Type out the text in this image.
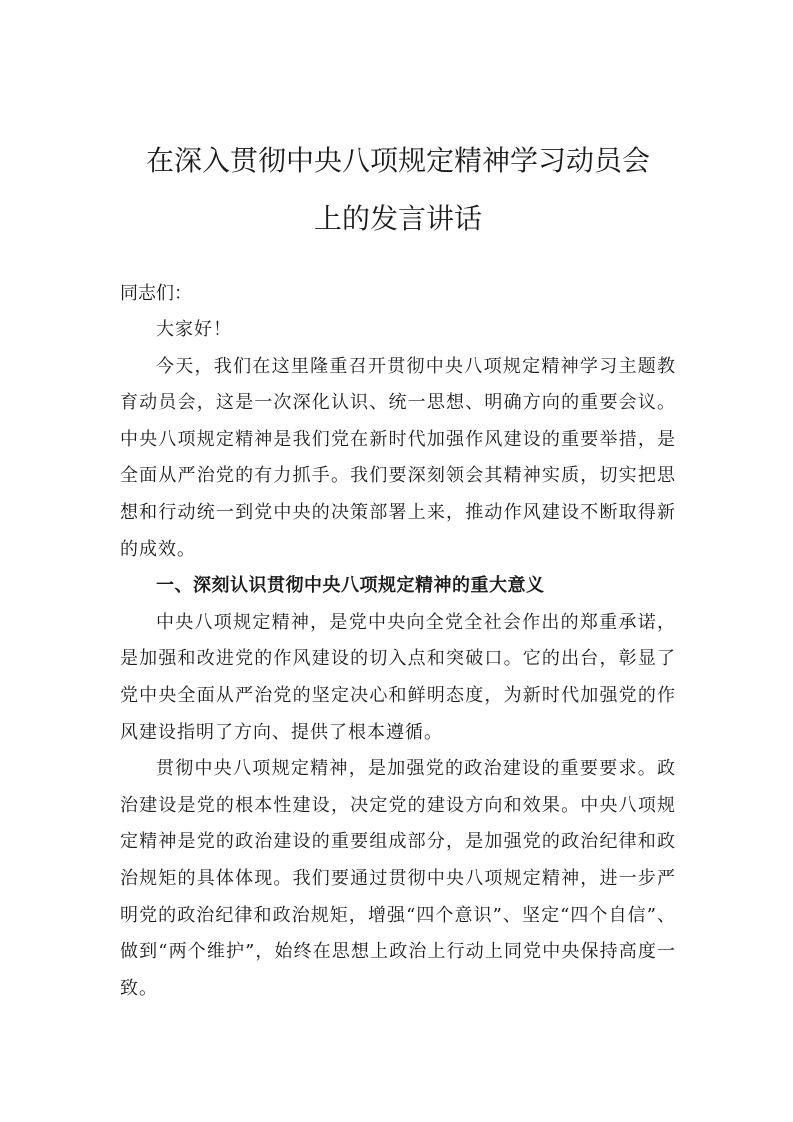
在深入贯彻中央八项规定精神学习动员会
上的发言讲话

同志们：

大家好！

今天，我们在这里隆重召开贯彻中央八项规定精神学习主题教育动员会，这是一次深化认识、统一思想、明确方向的重要会议。中央八项规定精神是我们党在新时代加强作风建设的重要举措，是全面从严治党的有力抓手。我们要深刻领会其精神实质，切实把思想和行动统一到党中央的决策部署上来，推动作风建设不断取得新的成效。

一、深刻认识贯彻中央八项规定精神的重大意义

中央八项规定精神，是党中央向全党全社会作出的郑重承诺，是加强和改进党的作风建设的切入点和突破口。它的出台，彰显了党中央全面从严治党的坚定决心和鲜明态度，为新时代加强党的作风建设指明了方向、提供了根本遵循。

贯彻中央八项规定精神，是加强党的政治建设的重要要求。政治建设是党的根本性建设，决定党的建设方向和效果。中央八项规定精神是党的政治建设的重要组成部分，是加强党的政治纪律和政治规矩的具体体现。我们要通过贯彻中央八项规定精神，进一步严明党的政治纪律和政治规矩，增强“四个意识”、坚定“四个自信”、做到“两个维护”，始终在思想上政治上行动上同党中央保持高度一致。
